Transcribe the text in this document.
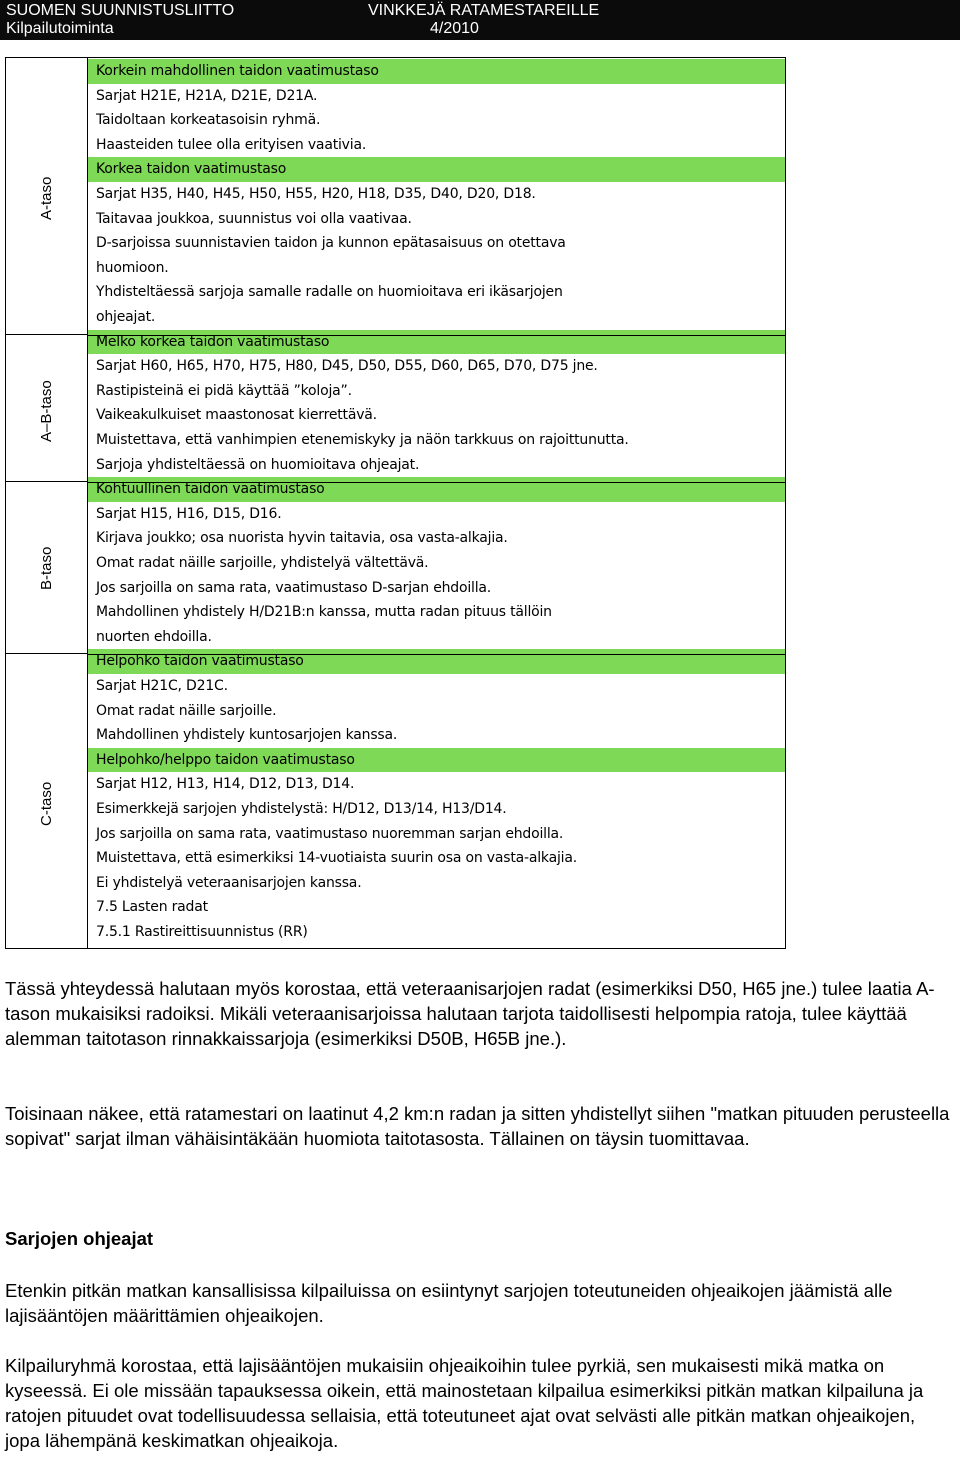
SUOMEN SUUNNISTUSLIITTO
Kilpailutoiminta
VINKKEJÄ RATAMESTAREILLE
4/2010
A-taso
A–B-taso
B-taso
C-taso
7.5.1 Rastireittisuunnistus (RR)
7.5 Lasten radat
Ei yhdistelyä veteraanisarjojen kanssa.
Muistettava, että esimerkiksi 14-vuotiaista suurin osa on vasta-alkajia.
Jos sarjoilla on sama rata, vaatimustaso nuoremman sarjan ehdoilla.
Esimerkkejä sarjojen yhdistelystä: H/D12, D13/14, H13/D14.
Sarjat H12, H13, H14, D12, D13, D14.
Helpohko/helppo taidon vaatimustaso
Mahdollinen yhdistely kuntosarjojen kanssa.
Omat radat näille sarjoille.
Sarjat H21C, D21C.
Helpohko taidon vaatimustaso
nuorten ehdoilla.
Mahdollinen yhdistely H/D21B:n kanssa, mutta radan pituus tällöin
Jos sarjoilla on sama rata, vaatimustaso D-sarjan ehdoilla.
Omat radat näille sarjoille, yhdistelyä vältettävä.
Kirjava joukko; osa nuorista hyvin taitavia, osa vasta-alkajia.
Sarjat H15, H16, D15, D16.
Kohtuullinen taidon vaatimustaso
Sarjoja yhdisteltäessä on huomioitava ohjeajat.
Muistettava, että vanhimpien etenemiskyky ja näön tarkkuus on rajoittunutta.
Vaikeakulkuiset maastonosat kierrettävä.
Rastipisteinä ei pidä käyttää ”koloja”.
Sarjat H60, H65, H70, H75, H80, D45, D50, D55, D60, D65, D70, D75 jne.
Melko korkea taidon vaatimustaso
ohjeajat.
Yhdisteltäessä sarjoja samalle radalle on huomioitava eri ikäsarjojen
huomioon.
D-sarjoissa suunnistavien taidon ja kunnon epätasaisuus on otettava
Taitavaa joukkoa, suunnistus voi olla vaativaa.
Sarjat H35, H40, H45, H50, H55, H20, H18, D35, D40, D20, D18.
Korkea taidon vaatimustaso
Haasteiden tulee olla erityisen vaativia.
Taidoltaan korkeatasoisin ryhmä.
Sarjat H21E, H21A, D21E, D21A.
Korkein mahdollinen taidon vaatimustaso
Tässä yhteydessä halutaan myös korostaa, että veteraanisarjojen radat (esimerkiksi D50, H65 jne.) tulee laatia A-tason mukaisiksi radoiksi. Mikäli veteraanisarjoissa halutaan tarjota taidollisesti helpompia ratoja, tulee käyttää alemman taitotason rinnakkaissarjoja (esimerkiksi D50B, H65B jne.).
Toisinaan näkee, että ratamestari on laatinut 4,2 km:n radan ja sitten yhdistellyt siihen "matkan pituuden perusteella sopivat" sarjat ilman vähäisintäkään huomiota taitotasosta. Tällainen on täysin tuomittavaa.
Sarjojen ohjeajat
Etenkin pitkän matkan kansallisissa kilpailuissa on esiintynyt sarjojen toteutuneiden ohjeaikojen jäämistä alle lajisääntöjen määrittämien ohjeaikojen.
Kilpailuryhmä korostaa, että lajisääntöjen mukaisiin ohjeaikoihin tulee pyrkiä, sen mukaisesti mikä matka on kyseessä. Ei ole missään tapauksessa oikein, että mainostetaan kilpailua esimerkiksi pitkän matkan kilpailuna ja ratojen pituudet ovat todellisuudessa sellaisia, että toteutuneet ajat ovat selvästi alle pitkän matkan ohjeaikojen, jopa lähempänä keskimatkan ohjeaikoja.
